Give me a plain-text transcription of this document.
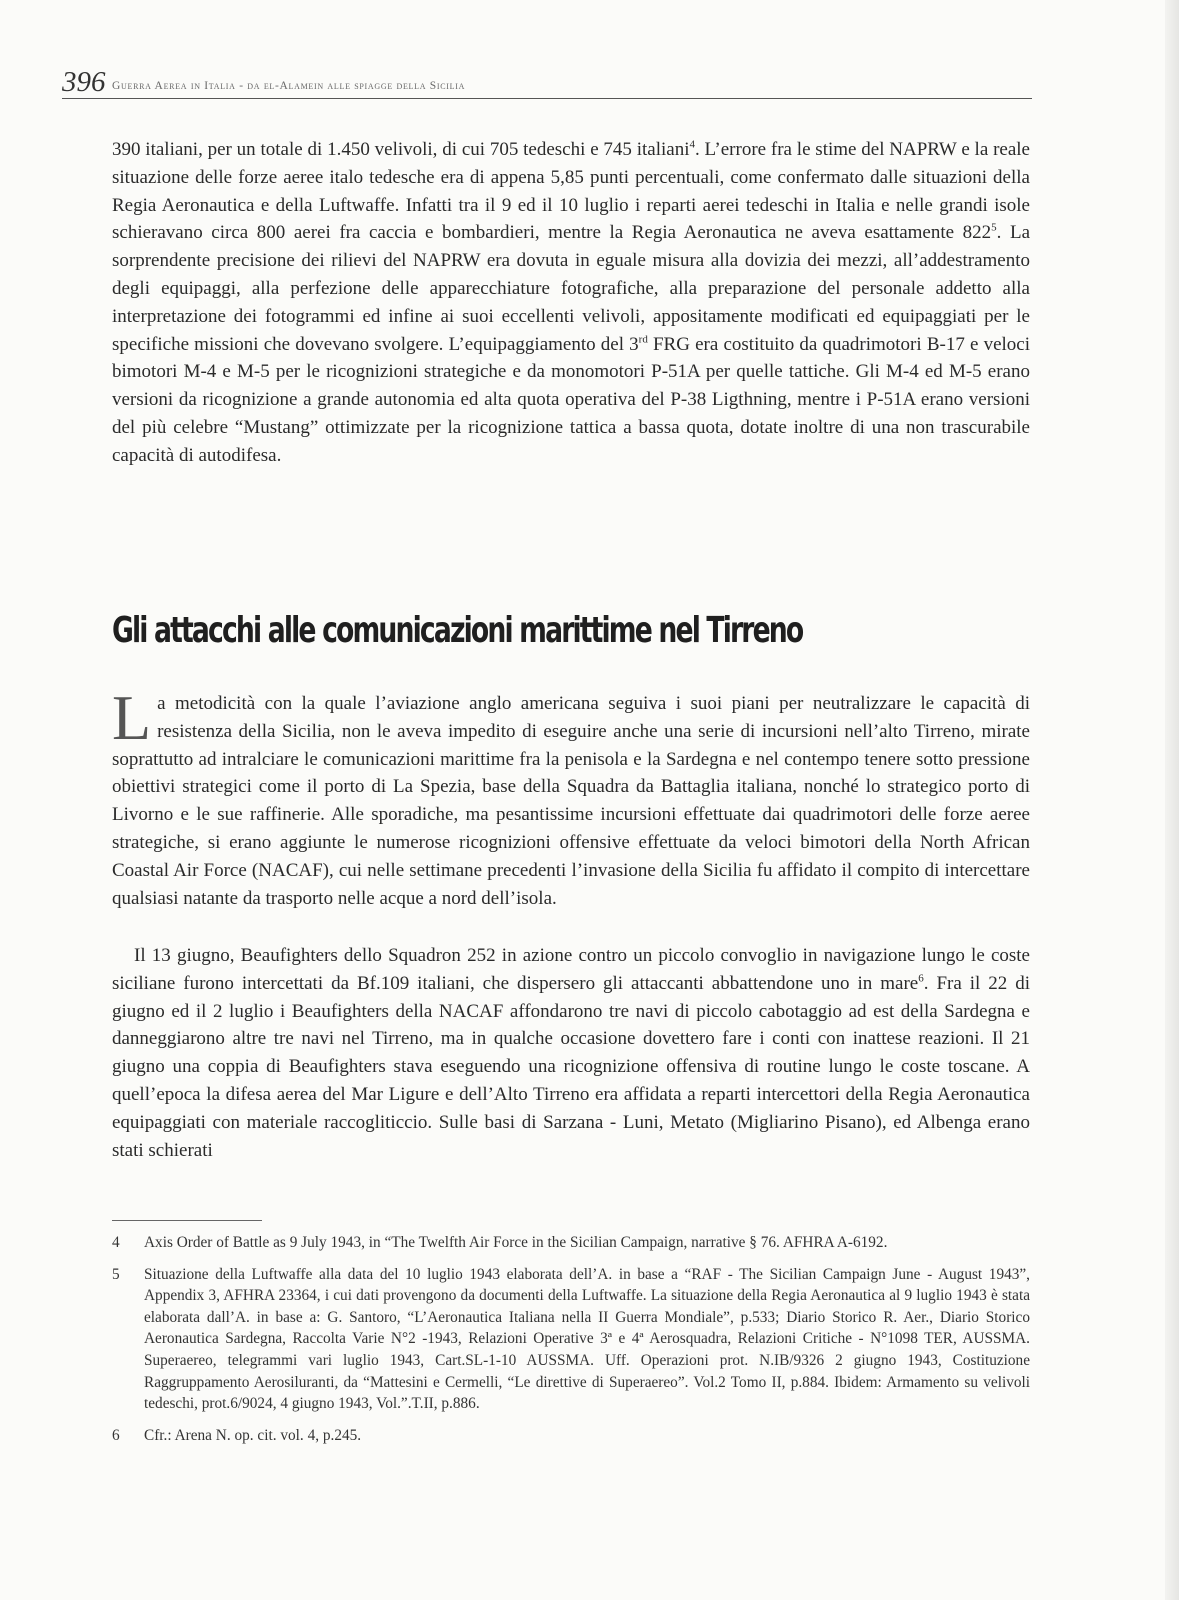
396 Guerra Aerea in Italia - da el-Alamein alle spiagge della Sicilia

390 italiani, per un totale di 1.450 velivoli, di cui 705 tedeschi e 745 italiani$^4$. L’errore fra le stime del NAPRW e la reale situazione delle forze aeree italo tedesche era di appena 5,85 punti percentuali, come confermato dalle situazioni della Regia Aeronautica e della Luftwaffe. Infatti tra il 9 ed il 10 luglio i reparti aerei tedeschi in Italia e nelle grandi isole schieravano circa 800 aerei fra caccia e bombardieri, mentre la Regia Aeronautica ne aveva esattamente $822^5$. La sorprendente precisione dei rilievi del NAPRW era dovuta in eguale misura alla dovizia dei mezzi, all’addestramento degli equipaggi, alla perfezione delle apparecchiature fotografiche, alla preparazione del personale addetto alla interpretazione dei fotogrammi ed infine ai suoi eccellenti velivoli, appositamente modificati ed equipaggiati per le specifiche missioni che dovevano svolgere. L’equipaggiamento del 3rd FRG era costituito da quadrimotori B-17 e veloci bimotori M-4 e M-5 per le ricognizioni strategiche e da monomotori P-51A per quelle tattiche. Gli M-4 ed M-5 erano versioni da ricognizione a grande autonomia ed alta quota operativa del P-38 Ligthning, mentre i P-51A erano versioni del più celebre “Mustang” ottimizzate per la ricognizione tattica a bassa quota, dotate inoltre di una non trascurabile capacità di autodifesa.

Gli attacchi alle comunicazioni marittime nel Tirreno

La metodicità con la quale l’aviazione anglo americana seguiva i suoi piani per neutralizzare le capacità di resistenza della Sicilia, non le aveva impedito di eseguire anche una serie di incursioni nell’alto Tirreno, mirate soprattutto ad intralciare le comunicazioni marittime fra la penisola e la Sardegna e nel contempo tenere sotto pressione obiettivi strategici come il porto di La Spezia, base della Squadra da Battaglia italiana, nonché lo strategico porto di Livorno e le sue raffinerie. Alle sporadiche, ma pesantissime incursioni effettuate dai quadrimotori delle forze aeree strategiche, si erano aggiunte le numerose ricognizioni offensive effettuate da veloci bimotori della North African Coastal Air Force (NACAF), cui nelle settimane precedenti l’invasione della Sicilia fu affidato il compito di intercettare qualsiasi natante da trasporto nelle acque a nord dell’isola.

Il 13 giugno, Beaufighters dello Squadron 252 in azione contro un piccolo convoglio in navigazione lungo le coste siciliane furono intercettati da Bf.109 italiani, che dispersero gli attaccanti abbattendone uno in mare$^6$. Fra il 22 di giugno ed il 2 luglio i Beaufighters della NACAF affondarono tre navi di piccolo cabotaggio ad est della Sardegna e danneggiarono altre tre navi nel Tirreno, ma in qualche occasione dovettero fare i conti con inattese reazioni. Il 21 giugno una coppia di Beaufighters stava eseguendo una ricognizione offensiva di routine lungo le coste toscane. A quell’epoca la difesa aerea del Mar Ligure e dell’Alto Tirreno era affidata a reparti intercettori della Regia Aeronautica equipaggiati con materiale raccogliticcio. Sulle basi di Sarzana - Luni, Metato (Migliarino Pisano), ed Albenga erano stati schierati

4	Axis Order of Battle as 9 July 1943, in “The Twelfth Air Force in the Sicilian Campaign, narrative § 76. AFHRA A-6192.
5	Situazione della Luftwaffe alla data del 10 luglio 1943 elaborata dell’A. in base a “RAF - The Sicilian Campaign June - August 1943”, Appendix 3, AFHRA 23364, i cui dati provengono da documenti della Luftwaffe. La situazione della Regia Aeronautica al 9 luglio 1943 è stata elaborata dall’A. in base a: G. Santoro, “L’Aeronautica Italiana nella II Guerra Mondiale”, p.533; Diario Storico R. Aer., Diario Storico Aeronautica Sardegna, Raccolta Varie N°2 -1943, Relazioni Operative 3ª e 4ª Aerosquadra, Relazioni Critiche - N°1098 TER, AUSSMA. Superaereo, telegrammi vari luglio 1943, Cart.SL-1-10 AUSSMA. Uff. Operazioni prot. N.IB/9326 2 giugno 1943, Costituzione Raggruppamento Aerosiluranti, da “Mattesini e Cermelli, “Le direttive di Superaereo”. Vol.2 Tomo II, p.884. Ibidem: Armamento su velivoli tedeschi, prot.6/9024, 4 giugno 1943, Vol.”.T.II, p.886.
6	Cfr.: Arena N. op. cit. vol. 4, p.245.
